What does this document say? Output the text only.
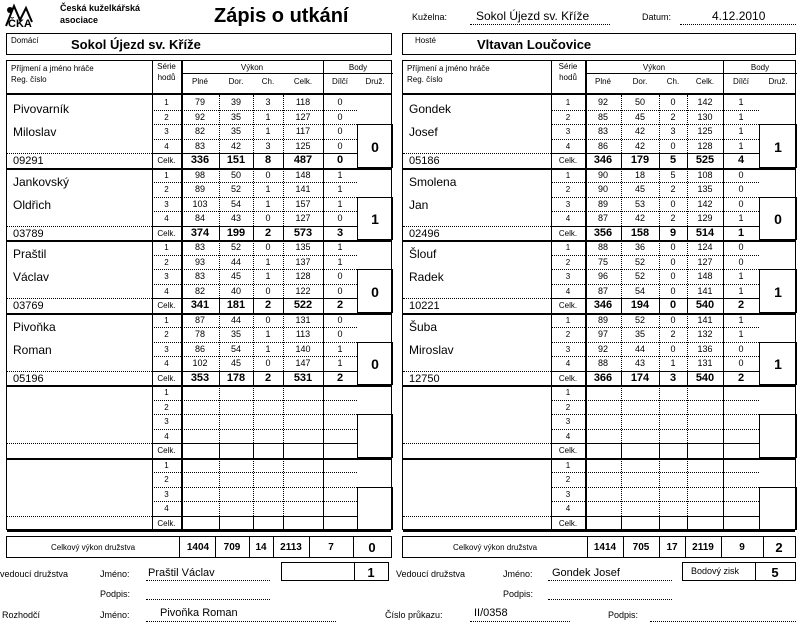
ČKA
Česká kuželkářská
asociace	Zápis o utkání	Kuželna: Sokol Újezd sv. Kříže	Datum:	4.12.2010
Domácí Sokol Újezd sv. Kříže	Hosté	Vltavan Loučovice
Příjmení a jméno hráče
Reg. číslo
Série
hodů
Výkon
Plné	Dor.	Ch.	Celk.
Body
Dílčí	Druž.
Pivovarník
Miloslav
09291
1	79	39	3	118	0
2	92	35	1	127	0
3	82	35	1	117	0
4	83	42	3	125	0
Celk.	336	151	8	487	0
0
Jankovský
Oldřich
03789
1	98	50	0	148	1
2	89	52	1	141	1
3	103	54	1	157	1
4	84	43	0	127	0
Celk.	374	199	2	573	3
1
Praštil
Václav
03769
1	83	52	0	135	1
2	93	44	1	137	1
3	83	45	1	128	0
4	82	40	0	122	0
Celk.	341	181	2	522	2
0
Pivoňka
Roman
05196
1	87	44	0	131	0
2	78	35	1	113	0
3	86	54	1	140	1
4	102	45	0	147	1
Celk.	353	178	2	531	2
0
1
2
3
4
Celk.
1
2
3
4
Celk.
Příjmení a jméno hráče
Reg. číslo
Série
hodů
Výkon
Plné	Dor.	Ch.	Celk.
Body
Dílčí	Druž.
Gondek
Josef
05186
1	92	50	0	142	1
2	85	45	2	130	1
3	83	42	3	125	1
4	86	42	0	128	1
Celk.	346	179	5	525	4
1
Smolena
Jan
02496
1	90	18	5	108	0
2	90	45	2	135	0
3	89	53	0	142	0
4	87	42	2	129	1
Celk.	356	158	9	514	1
0
Šlouf
Radek
10221
1	88	36	0	124	0
2	75	52	0	127	0
3	96	52	0	148	1
4	87	54	0	141	1
Celk.	346	194	0	540	2
1
Šuba
Miroslav
12750
1	89	52	0	141	1
2	97	35	2	132	1
3	92	44	0	136	0
4	88	43	1	131	0
Celk.	366	174	3	540	2
1
1
2
3
4
Celk.
1
2
3
4
Celk.
Celkový výkon družstva	1404	709	14	2113	7	0	Celkový výkon družstva	1414	705	17	2119	9	2
vedoucí družstva	Jméno: Praštil Václav	1
Podpis:
Vedoucí družstva	Jméno: Gondek Josef	Bodový zisk	5
Podpis:
Rozhodčí	Jméno:	Pivoňka Roman	Číslo průkazu:	II/0358	Podpis:
